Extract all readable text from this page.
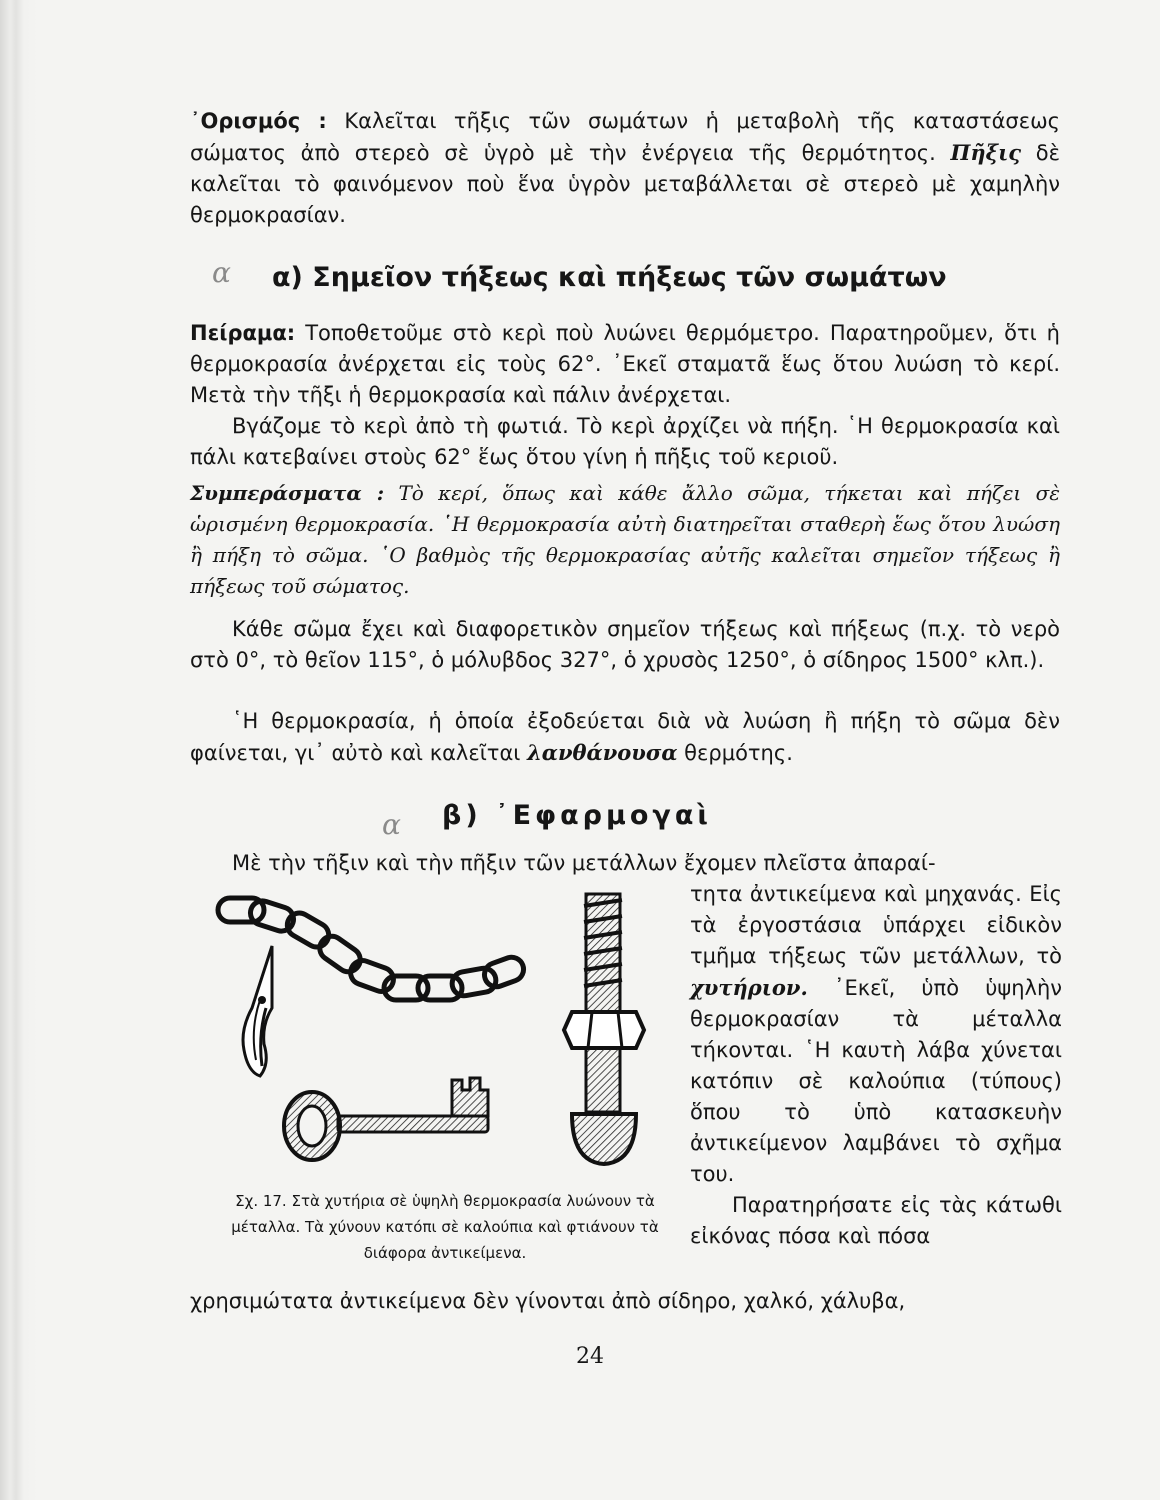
᾿Ορισμός : Καλεῖται τῆξις τῶν σωμάτων ἡ μεταβολὴ τῆς καταστάσεως σώματος ἀπὸ στερεὸ σὲ ὑγρὸ μὲ τὴν ἐνέργεια τῆς θερμότητος. Πῆξις δὲ καλεῖται τὸ φαινόμενον ποὺ ἕνα ὑγρὸν μεταβάλλεται σὲ στερεὸ μὲ χαμηλὴν θερμοκρασίαν.

α α) Σημεῖον τήξεως καὶ πήξεως τῶν σωμάτων

Πείραμα: Τοποθετοῦμε στὸ κερὶ ποὺ λυώνει θερμόμετρο. Παρατηροῦμεν, ὅτι ἡ θερμοκρασία ἀνέρχεται εἰς τοὺς 62°. ᾿Εκεῖ σταματᾶ ἕως ὅτου λυώση τὸ κερί. Μετὰ τὴν τῆξι ἡ θερμοκρασία καὶ πάλιν ἀνέρχεται.

Βγάζομε τὸ κερὶ ἀπὸ τὴ φωτιά. Τὸ κερὶ ἀρχίζει νὰ πήξη. ῾Η θερμοκρασία καὶ πάλι κατεβαίνει στοὺς 62° ἕως ὅτου γίνη ἡ πῆξις τοῦ κεριοῦ.

Συμπεράσματα : Τὸ κερί, ὅπως καὶ κάθε ἄλλο σῶμα, τήκεται καὶ πήζει σὲ ὡρισμένη θερμοκρασία. ῾Η θερμοκρασία αὐτὴ διατηρεῖται σταθερὴ ἕως ὅτου λυώση ἢ πήξη τὸ σῶμα. ῾Ο βαθμὸς τῆς θερμοκρασίας αὐτῆς καλεῖται σημεῖον τήξεως ἢ πήξεως τοῦ σώματος.

Κάθε σῶμα ἔχει καὶ διαφορετικὸν σημεῖον τήξεως καὶ πήξεως (π.χ. τὸ νερὸ στὸ 0°, τὸ θεῖον 115°, ὁ μόλυβδος 327°, ὁ χρυσὸς 1250°, ὁ σίδηρος 1500° κλπ.).

῾Η θερμοκρασία, ἡ ὁποία ἐξοδεύεται διὰ νὰ λυώση ἢ πήξη τὸ σῶμα δὲν φαίνεται, γι᾿ αὐτὸ καὶ καλεῖται λανθάνουσα θερμότης.

α β) ᾿Εφαρμογαὶ
Μὲ τὴν τῆξιν καὶ τὴν πῆξιν τῶν μετάλλων ἔχομεν πλεῖστα ἀπαραί-

τητα ἀντικείμενα καὶ μηχανάς. Εἰς τὰ ἐργοστάσια ὑπάρχει εἰδικὸν τμῆμα τήξεως τῶν μετάλλων, τὸ χυτήριον. ᾿Εκεῖ, ὑπὸ ὑψηλὴν θερμοκρασίαν τὰ μέταλλα τήκονται. ῾Η καυτὴ λάβα χύνεται κατόπιν σὲ καλούπια (τύπους) ὅπου τὸ ὑπὸ κατασκευὴν ἀντικείμενον λαμβάνει τὸ σχῆμα του.

Παρατηρήσατε εἰς τὰς κάτωθι εἰκόνας πόσα καὶ πόσα

Σχ. 17. Στὰ χυτήρια σὲ ὑψηλὴ θερμοκρασία λυώνουν τὰ μέταλλα. Τὰ χύνουν κατόπι σὲ καλούπια καὶ φτιάνουν τὰ διάφορα ἀντικείμενα.
χρησιμώτατα ἀντικείμενα δὲν γίνονται ἀπὸ σίδηρο, χαλκό, χάλυβα,
24
